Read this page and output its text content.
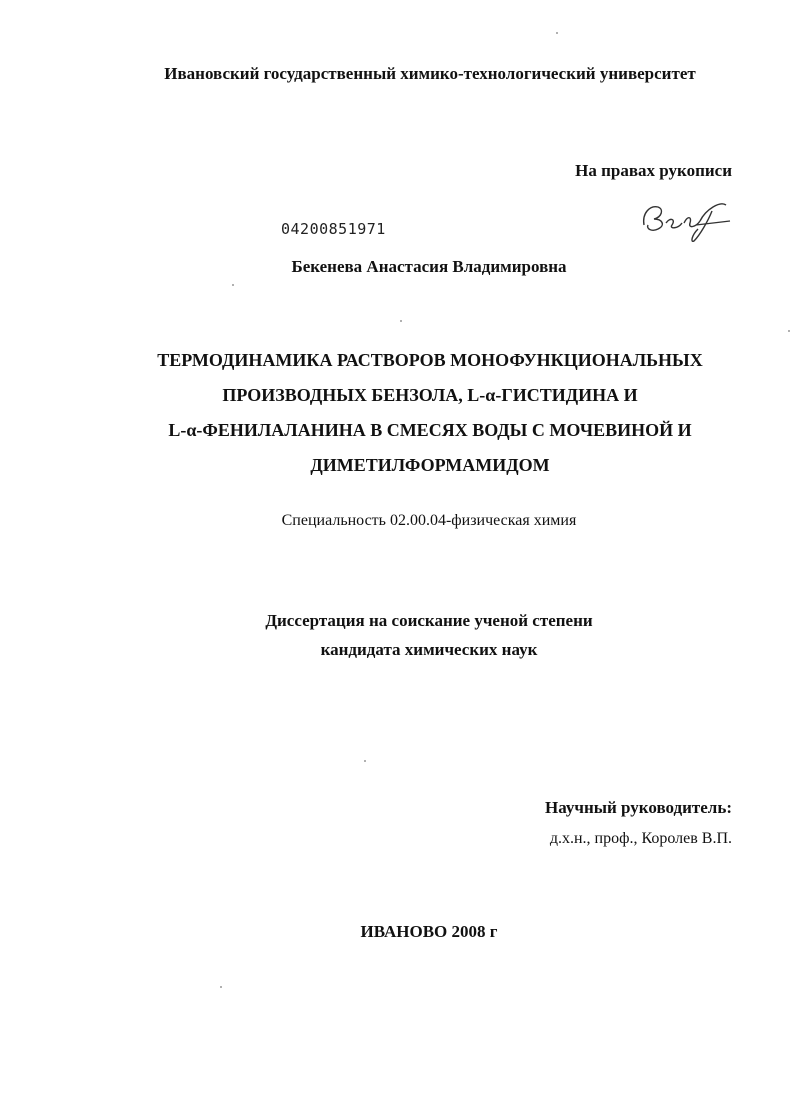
Ивановский государственный химико-технологический университет
На правах рукописи
04200851971
Бекенева Анастасия Владимировна
ТЕРМОДИНАМИКА РАСТВОРОВ МОНОФУНКЦИОНАЛЬНЫХ
ПРОИЗВОДНЫХ БЕНЗОЛА, L-α-ГИСТИДИНА И
L-α-ФЕНИЛАЛАНИНА В СМЕСЯХ ВОДЫ С МОЧЕВИНОЙ И
ДИМЕТИЛФОРМАМИДОМ
Специальность 02.00.04-физическая химия
Диссертация на соискание ученой степени
кандидата химических наук
Научный руководитель:
д.х.н., проф., Королев В.П.
ИВАНОВО 2008 г
